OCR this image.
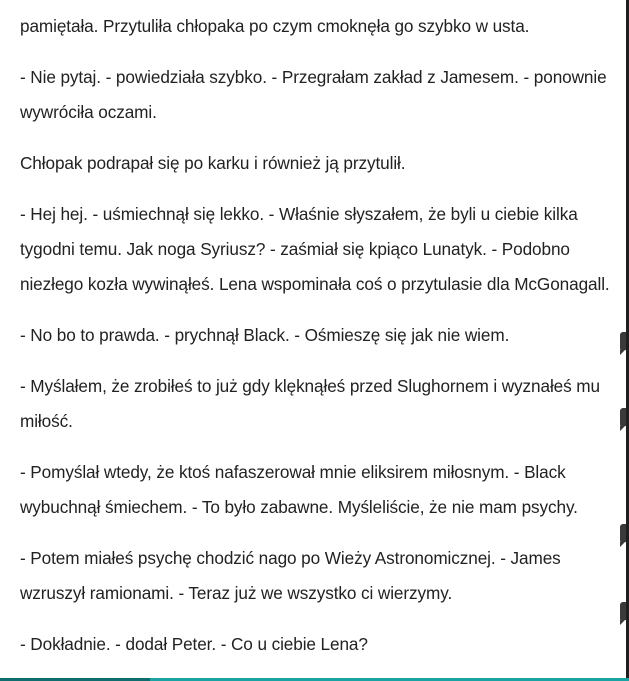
pamiętała. Przytuliła chłopaka po czym cmoknęła go szybko w usta.

- Nie pytaj. - powiedziała szybko. - Przegrałam zakład z Jamesem. - ponownie wywróciła oczami.

Chłopak podrapał się po karku i również ją przytulił.

- Hej hej. - uśmiechnął się lekko. - Właśnie słyszałem, że byli u ciebie kilka tygodni temu. Jak noga Syriusz? - zaśmiał się kpiąco Lunatyk. - Podobno niezłego kozła wywinąłeś. Lena wspominała coś o przytulasie dla McGonagall.

- No bo to prawda. - prychnął Black. - Ośmieszę się jak nie wiem.

- Myślałem, że zrobiłeś to już gdy klęknąłeś przed Slughornem i wyznałeś mu miłość.

- Pomyślał wtedy, że ktoś nafaszerował mnie eliksirem miłosnym. - Black wybuchnął śmiechem. - To było zabawne. Myśleliście, że nie mam psychy.

- Potem miałeś psychę chodzić nago po Wieży Astronomicznej. - James wzruszył ramionami. - Teraz już we wszystko ci wierzymy.

- Dokładnie. - dodał Peter. - Co u ciebie Lena?
